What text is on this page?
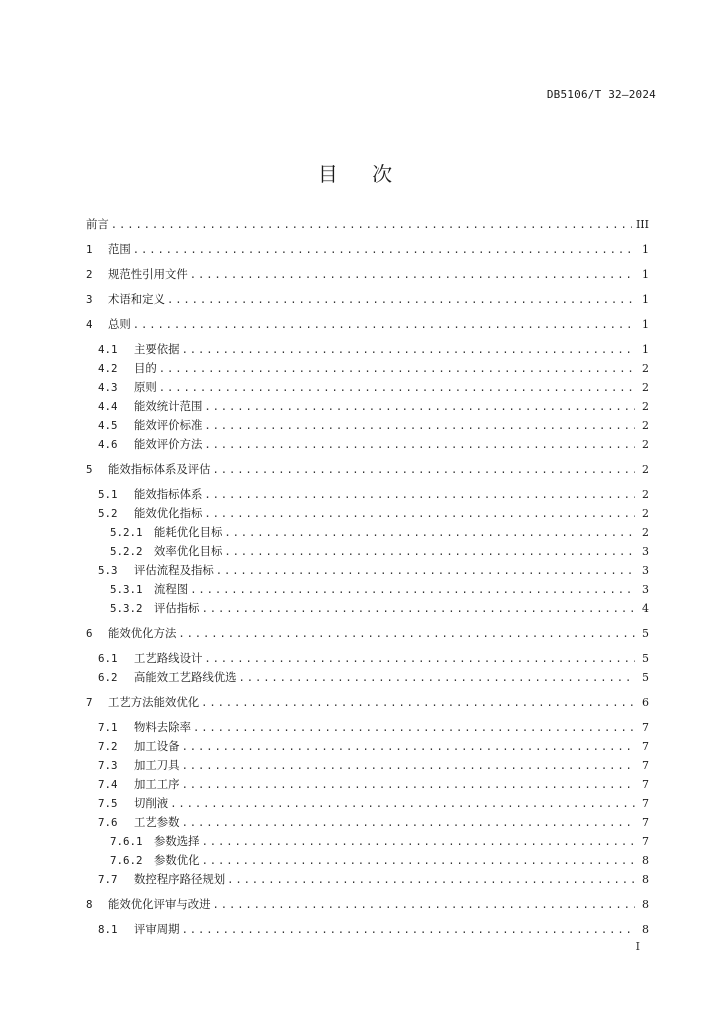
DB5106/T 32—2024
目 次
前言 .....	III
1	范围 .....	1
2	规范性引用文件 .....	1
3	术语和定义 .....	1
4	总则 .....	1
4.1	主要依据 .....	1
4.2	目的 .....	2
4.3	原则 .....	2
4.4	能效统计范围 .....	2
4.5	能效评价标准 .....	2
4.6	能效评价方法 .....	2
5	能效指标体系及评估 .....	2
5.1	能效指标体系 .....	2
5.2	能效优化指标 .....	2
5.2.1	能耗优化目标 .....	2
5.2.2	效率优化目标 .....	3
5.3	评估流程及指标 .....	3
5.3.1	流程图 .....	3
5.3.2	评估指标 .....	4
6	能效优化方法 .....	5
6.1	工艺路线设计 .....	5
6.2	高能效工艺路线优选 .....	5
7	工艺方法能效优化 .....	6
7.1	物料去除率 .....	7
7.2	加工设备 .....	7
7.3	加工刀具 .....	7
7.4	加工工序 .....	7
7.5	切削液 .....	7
7.6	工艺参数 .....	7
7.6.1	参数选择 .....	7
7.6.2	参数优化 .....	8
7.7	数控程序路径规划 .....	8
8	能效优化评审与改进 .....	8
8.1	评审周期 .....	8
I
